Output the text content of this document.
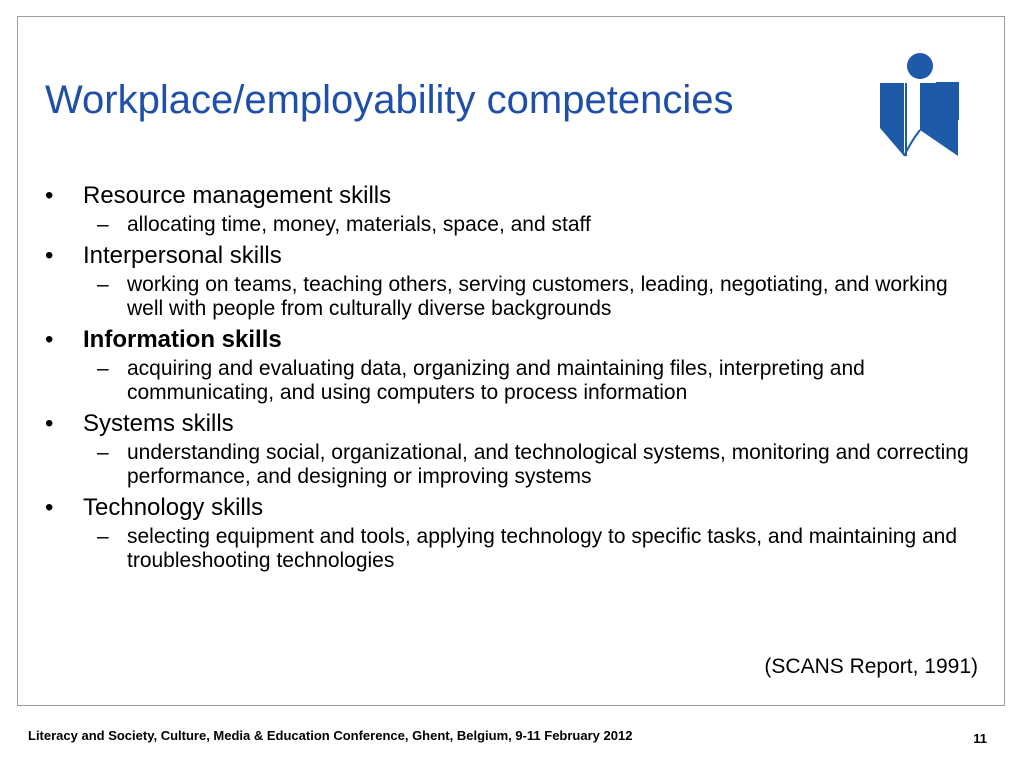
Workplace/employability competencies
•	Resource management skills
– allocating time, money, materials, space, and staff
•	Interpersonal skills
– working on teams, teaching others, serving customers, leading, negotiating, and working well with people from culturally diverse backgrounds
•	Information skills
– acquiring and evaluating data, organizing and maintaining files, interpreting and communicating, and using computers to process information
•	Systems skills
– understanding social, organizational, and technological systems, monitoring and correcting performance, and designing or improving systems
•	Technology skills
– selecting equipment and tools, applying technology to specific tasks, and maintaining and troubleshooting technologies
(SCANS Report, 1991)
Literacy and Society, Culture, Media & Education Conference, Ghent, Belgium, 9-11 February 2012	11
